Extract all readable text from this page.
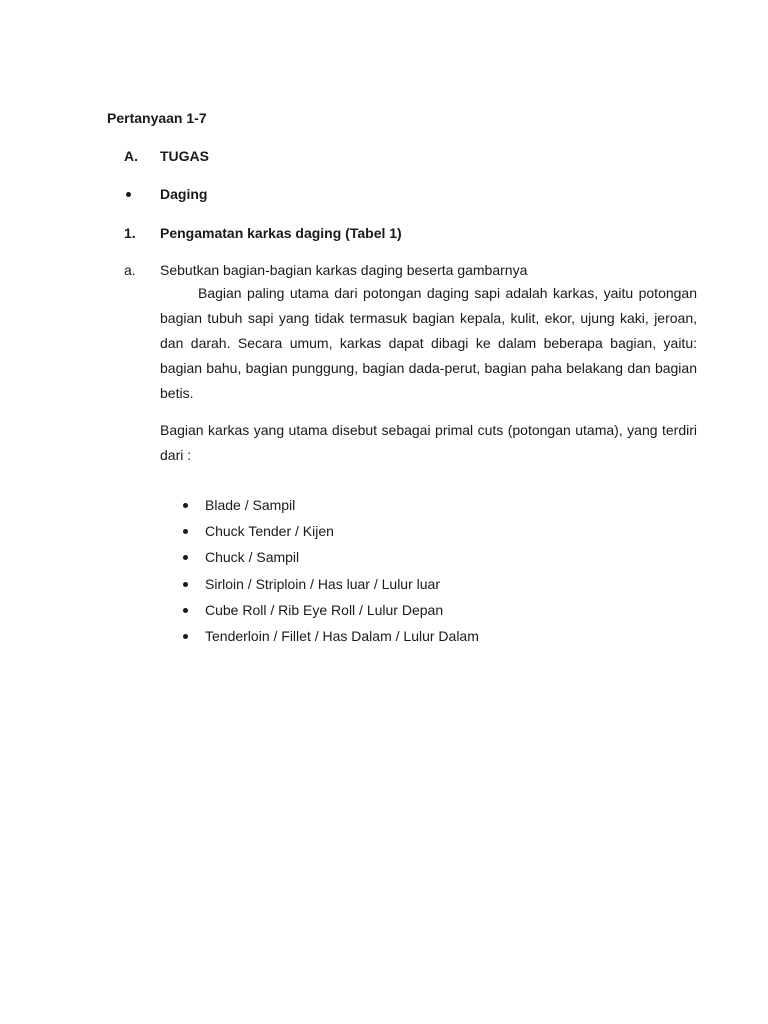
Pertanyaan 1-7
A.	TUGAS
Daging
1.	Pengamatan karkas daging (Tabel 1)
a.	Sebutkan bagian-bagian karkas daging beserta gambarnya

Bagian paling utama dari potongan daging sapi adalah karkas, yaitu potongan bagian tubuh sapi yang tidak termasuk bagian kepala, kulit, ekor, ujung kaki, jeroan, dan darah. Secara umum, karkas dapat dibagi ke dalam beberapa bagian, yaitu: bagian bahu, bagian punggung, bagian dada-perut, bagian paha belakang dan bagian betis.

Bagian karkas yang utama disebut sebagai primal cuts (potongan utama), yang terdiri dari :

Blade / Sampil
Chuck Tender / Kijen
Chuck / Sampil
Sirloin / Striploin / Has luar / Lulur luar
Cube Roll / Rib Eye Roll / Lulur Depan
Tenderloin / Fillet / Has Dalam / Lulur Dalam
